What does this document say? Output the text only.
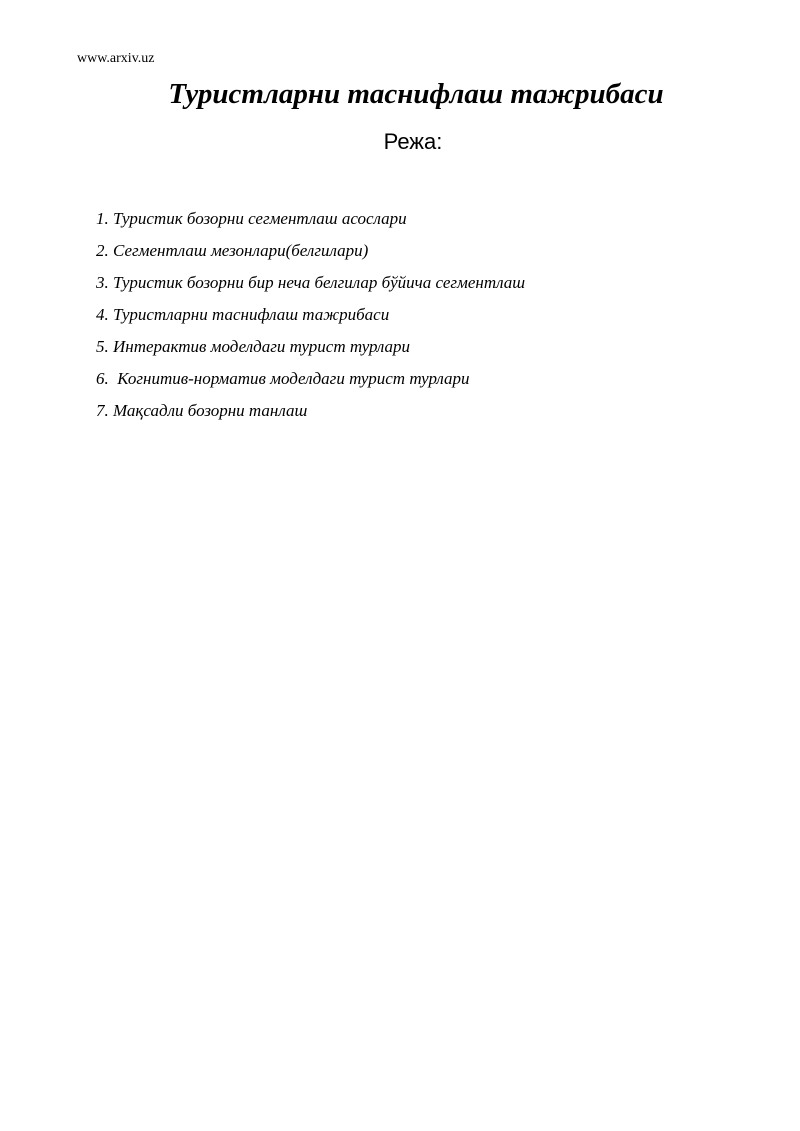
www.arxiv.uz
Туристларни таснифлаш тажрибаси
Режа:
1. Туристик бозорни сегментлаш асослари
2. Сегментлаш мезонлари(белгилари)
3. Туристик бозорни бир неча белгилар бўйича сегментлаш
4. Туристларни таснифлаш тажрибаси
5. Интерактив моделдаги турист турлари
6.  Когнитив-норматив моделдаги турист турлари
7. Мақсадли бозорни танлаш
